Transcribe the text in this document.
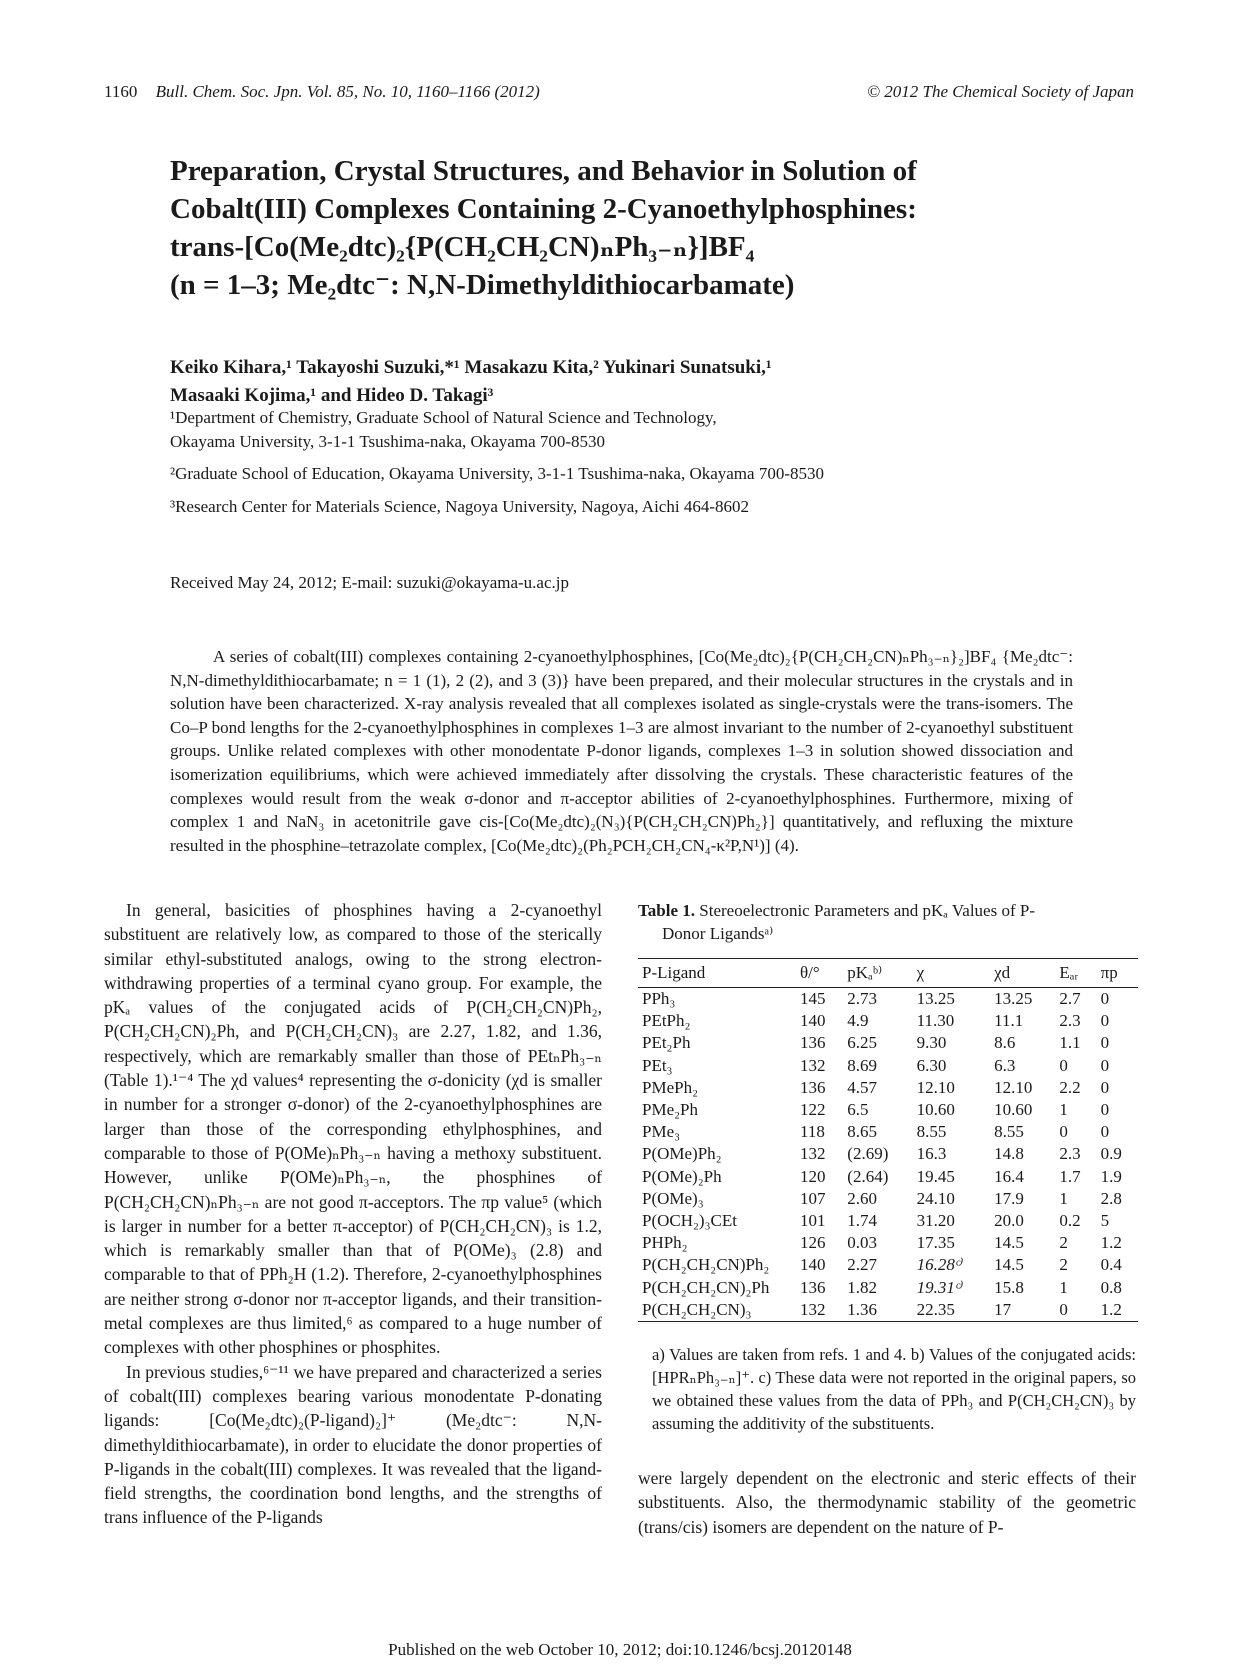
1160 Bull. Chem. Soc. Jpn. Vol. 85, No. 10, 1160–1166 (2012)	© 2012 The Chemical Society of Japan
Preparation, Crystal Structures, and Behavior in Solution of
Cobalt(III) Complexes Containing 2-Cyanoethylphosphines:
trans-[Co(Me₂dtc)₂{P(CH₂CH₂CN)ₙPh₃₋ₙ}]BF₄
(n = 1–3; Me₂dtc⁻: N,N-Dimethyldithiocarbamate)
Keiko Kihara,¹ Takayoshi Suzuki,*¹ Masakazu Kita,² Yukinari Sunatsuki,¹
Masaaki Kojima,¹ and Hideo D. Takagi³
¹Department of Chemistry, Graduate School of Natural Science and Technology,
Okayama University, 3-1-1 Tsushima-naka, Okayama 700-8530
²Graduate School of Education, Okayama University, 3-1-1 Tsushima-naka, Okayama 700-8530
³Research Center for Materials Science, Nagoya University, Nagoya, Aichi 464-8602
Received May 24, 2012; E-mail: suzuki@okayama-u.ac.jp
A series of cobalt(III) complexes containing 2-cyanoethylphosphines, [Co(Me₂dtc)₂{P(CH₂CH₂CN)ₙPh₃₋ₙ}₂]BF₄ {Me₂dtc⁻: N,N-dimethyldithiocarbamate; n = 1 (1), 2 (2), and 3 (3)} have been prepared, and their molecular structures in the crystals and in solution have been characterized. X-ray analysis revealed that all complexes isolated as single-crystals were the trans-isomers. The Co–P bond lengths for the 2-cyanoethylphosphines in complexes 1–3 are almost invariant to the number of 2-cyanoethyl substituent groups. Unlike related complexes with other monodentate P-donor ligands, complexes 1–3 in solution showed dissociation and isomerization equilibriums, which were achieved immediately after dissolving the crystals. These characteristic features of the complexes would result from the weak σ-donor and π-acceptor abilities of 2-cyanoethylphosphines. Furthermore, mixing of complex 1 and NaN₃ in acetonitrile gave cis-[Co(Me₂dtc)₂(N₃){P(CH₂CH₂CN)Ph₂}] quantitatively, and refluxing the mixture resulted in the phosphine–tetrazolate complex, [Co(Me₂dtc)₂(Ph₂PCH₂CH₂CN₄-κ²P,N¹)] (4).

In general, basicities of phosphines having a 2-cyanoethyl substituent are relatively low, as compared to those of the sterically similar ethyl-substituted analogs, owing to the strong electron-withdrawing properties of a terminal cyano group. For example, the pKₐ values of the conjugated acids of P(CH₂CH₂CN)Ph₂, P(CH₂CH₂CN)₂Ph, and P(CH₂CH₂CN)₃ are 2.27, 1.82, and 1.36, respectively, which are remarkably smaller than those of PEtₙPh₃₋ₙ (Table 1).¹⁻⁴ The χd values⁴ representing the σ-donicity (χd is smaller in number for a stronger σ-donor) of the 2-cyanoethylphosphines are larger than those of the corresponding ethylphosphines, and comparable to those of P(OMe)ₙPh₃₋ₙ having a methoxy substituent. However, unlike P(OMe)ₙPh₃₋ₙ, the phosphines of P(CH₂CH₂CN)ₙPh₃₋ₙ are not good π-acceptors. The πp value⁵ (which is larger in number for a better π-acceptor) of P(CH₂CH₂CN)₃ is 1.2, which is remarkably smaller than that of P(OMe)₃ (2.8) and comparable to that of PPh₂H (1.2). Therefore, 2-cyanoethylphosphines are neither strong σ-donor nor π-acceptor ligands, and their transition-metal complexes are thus limited,⁶ as compared to a huge number of complexes with other phosphines or phosphites.

In previous studies,⁶⁻¹¹ we have prepared and characterized a series of cobalt(III) complexes bearing various monodentate P-donating ligands: [Co(Me₂dtc)₂(P-ligand)₂]⁺ (Me₂dtc⁻: N,N-dimethyldithiocarbamate), in order to elucidate the donor properties of P-ligands in the cobalt(III) complexes. It was revealed that the ligand-field strengths, the coordination bond lengths, and the strengths of trans influence of the P-ligands

Table 1. Stereoelectronic Parameters and pKₐ Values of P-
Donor Ligandsᵃ⁾
P-Ligand	θ/°	pKₐᵇ⁾	χ	χd	Eₐᵣ	πp
PPh₃	145	2.73	13.25	13.25	2.7	0
PEtPh₂	140	4.9	11.30	11.1	2.3	0
PEt₂Ph	136	6.25	9.30	8.6	1.1	0
PEt₃	132	8.69	6.30	6.3	0	0
PMePh₂	136	4.57	12.10	12.10	2.2	0
PMe₂Ph	122	6.5	10.60	10.60	1	0
PMe₃	118	8.65	8.55	8.55	0	0
P(OMe)Ph₂	132	(2.69)	16.3	14.8	2.3	0.9
P(OMe)₂Ph	120	(2.64)	19.45	16.4	1.7	1.9
P(OMe)₃	107	2.60	24.10	17.9	1	2.8
P(OCH₂)₃CEt	101	1.74	31.20	20.0	0.2	5
PHPh₂	126	0.03	17.35	14.5	2	1.2
P(CH₂CH₂CN)Ph₂	140	2.27	16.28ᶜ⁾	14.5	2	0.4
P(CH₂CH₂CN)₂Ph	136	1.82	19.31ᶜ⁾	15.8	1	0.8
P(CH₂CH₂CN)₃	132	1.36	22.35	17	0	1.2
a) Values are taken from refs. 1 and 4. b) Values of the conjugated acids: [HPRₙPh₃₋ₙ]⁺. c) These data were not reported in the original papers, so we obtained these values from the data of PPh₃ and P(CH₂CH₂CN)₃ by assuming the additivity of the substituents.
were largely dependent on the electronic and steric effects of their substituents. Also, the thermodynamic stability of the geometric (trans/cis) isomers are dependent on the nature of P-
Published on the web October 10, 2012; doi:10.1246/bcsj.20120148
